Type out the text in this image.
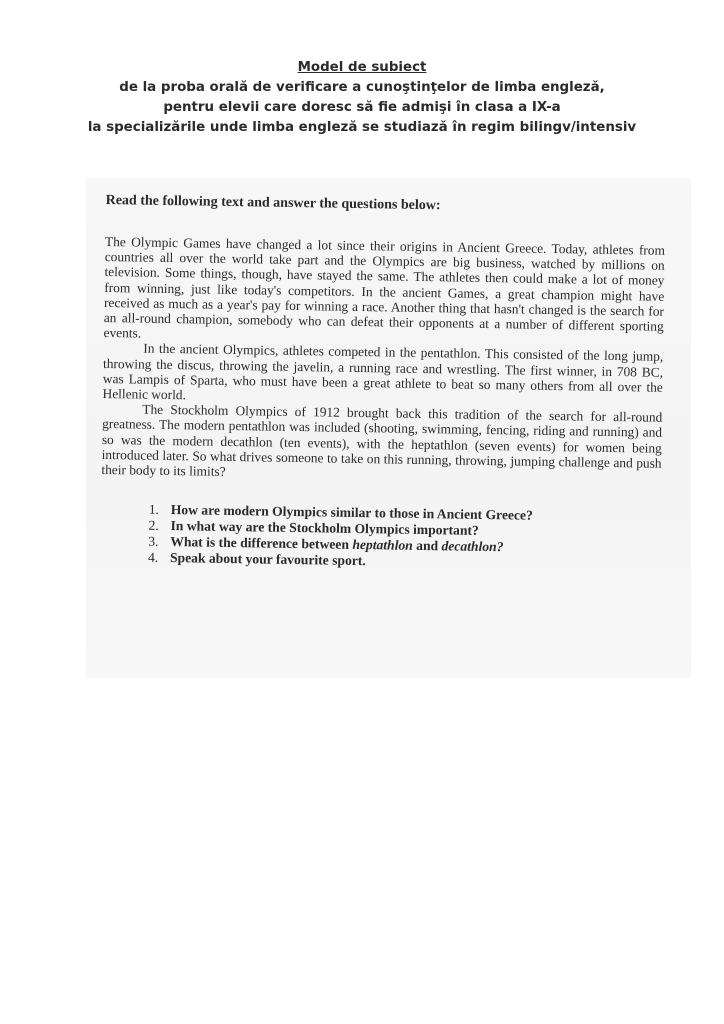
Model de subiect
de la proba orală de verificare a cunoştinţelor de limba engleză,
pentru elevii care doresc să fie admişi în clasa a IX-a
la specializările unde limba engleză se studiază în regim bilingv/intensiv
Read the following text and answer the questions below:

The Olympic Games have changed a lot since their origins in Ancient Greece. Today, athletes from countries all over the world take part and the Olympics are big business, watched by millions on television. Some things, though, have stayed the same. The athletes then could make a lot of money from winning, just like today's competitors. In the ancient Games, a great champion might have received as much as a year's pay for winning a race. Another thing that hasn't changed is the search for an all-round champion, somebody who can defeat their opponents at a number of different sporting events.

In the ancient Olympics, athletes competed in the pentathlon. This consisted of the long jump, throwing the discus, throwing the javelin, a running race and wrestling. The first winner, in 708 BC, was Lampis of Sparta, who must have been a great athlete to beat so many others from all over the Hellenic world.

The Stockholm Olympics of 1912 brought back this tradition of the search for all-round greatness. The modern pentathlon was included (shooting, swimming, fencing, riding and running) and so was the modern decathlon (ten events), with the heptathlon (seven events) for women being introduced later. So what drives someone to take on this running, throwing, jumping challenge and push their body to its limits?

1. How are modern Olympics similar to those in Ancient Greece?
2. In what way are the Stockholm Olympics important?
3. What is the difference between heptathlon and decathlon?
4. Speak about your favourite sport.
